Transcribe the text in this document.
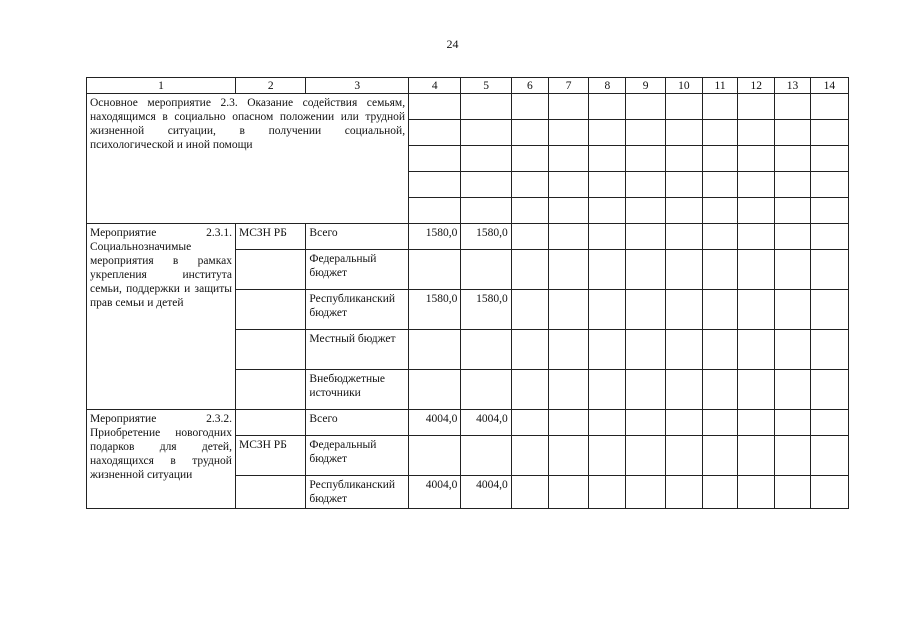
24
1	2	3	4	5	6	7	8	9	10	11	12	13	14
Основное мероприятие 2.3. Оказание содействия семьям, находящимся в социально опасном положении или трудной жизненной ситуации, в получении социальной, психологической и иной помощи													

Мероприятие 2.3.1. Социальнозначимые мероприятия в рамках укрепления института семьи, поддержки и защиты прав семьи и детей	МСЗН РБ	Всего	1580,0	1580,0									
		Федеральный бюджет											
		Республиканский бюджет	1580,0	1580,0									
		Местный бюджет											
		Внебюджетные источники											
Мероприятие 2.3.2. Приобретение новогодних подарков для детей, находящихся в трудной жизненной ситуации		Всего	4004,0	4004,0									
	МСЗН РБ	Федеральный бюджет											
		Республиканский бюджет	4004,0	4004,0									
